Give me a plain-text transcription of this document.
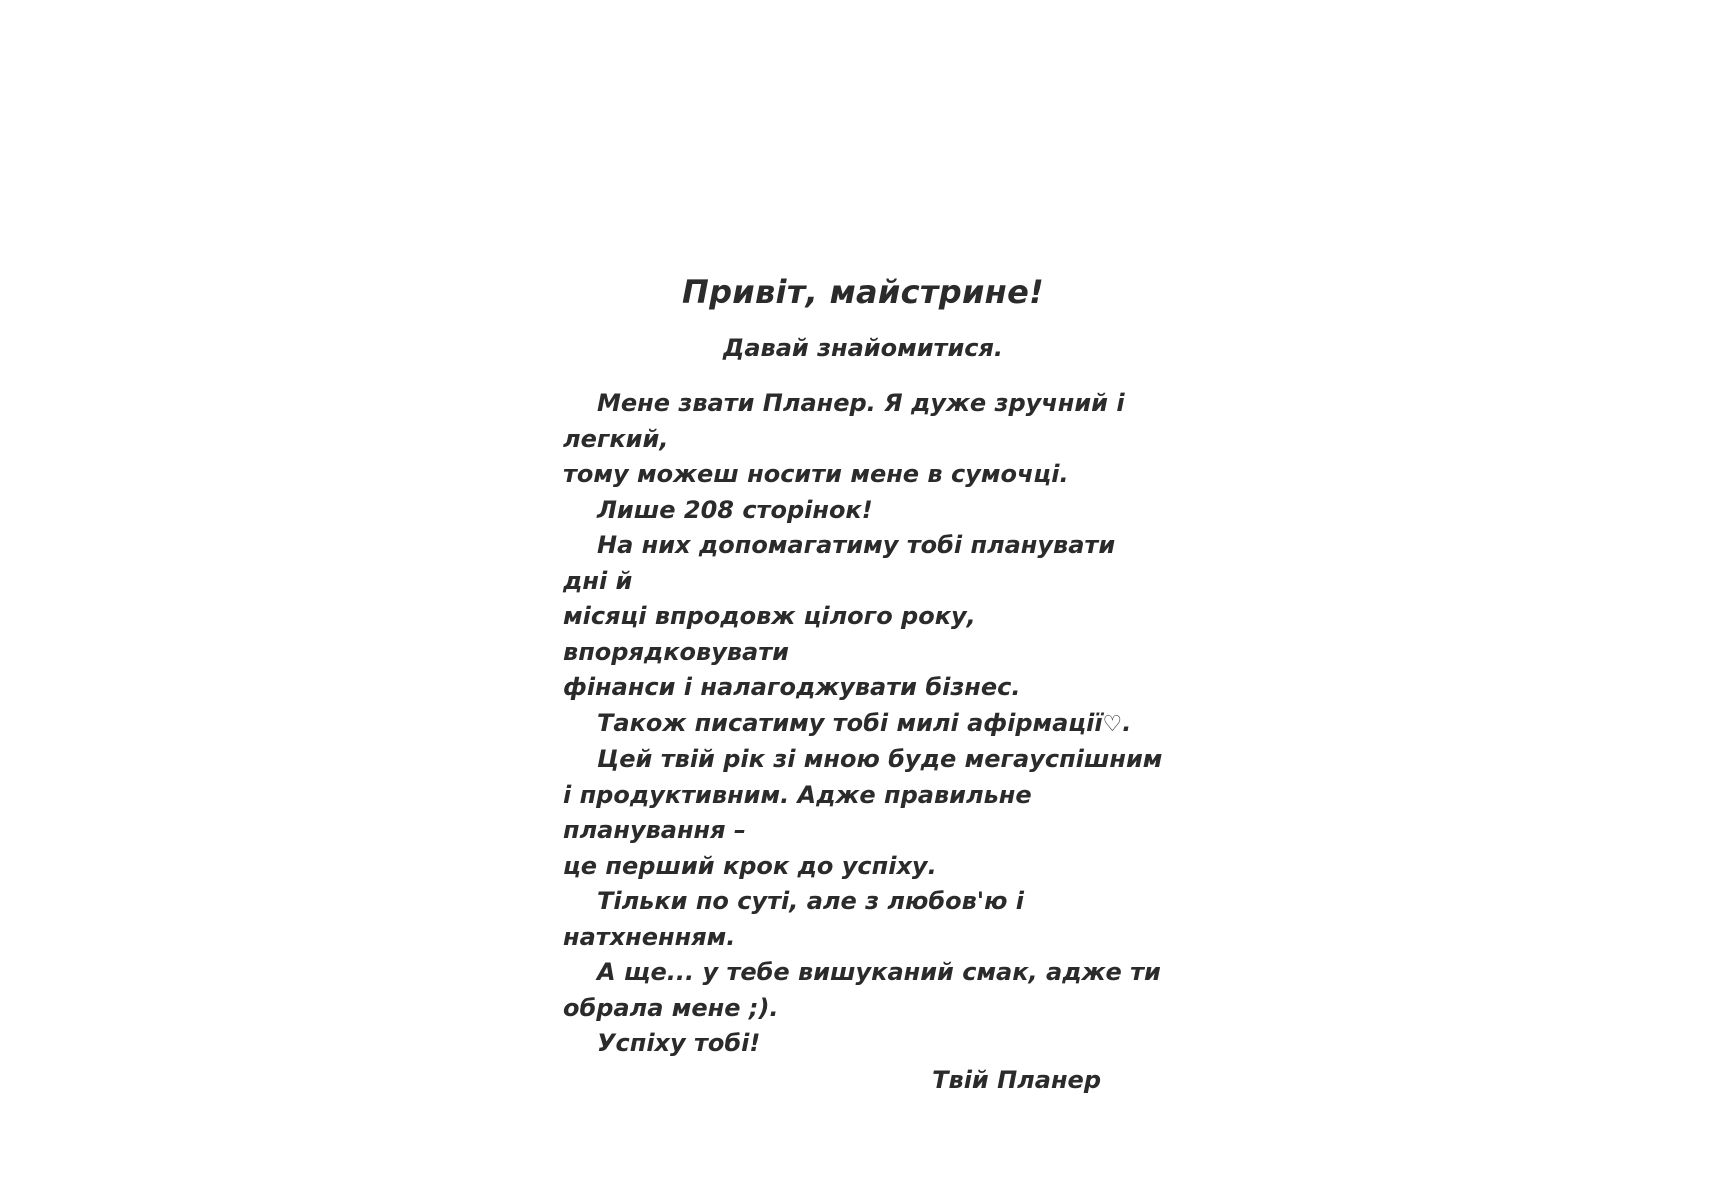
Привіт, майстрине!
Давай знайомитися.

Мене звати Планер. Я дуже зручний і легкий,
тому можеш носити мене в сумочці.

Лише 208 сторінок!

На них допомагатиму тобі планувати дні й
місяці впродовж цілого року, впорядковувати
фінанси і налагоджувати бізнес.

Також писатиму тобі милі афірмації♡.

Цей твій рік зі мною буде мегауспішним
і продуктивним. Адже правильне планування –
це перший крок до успіху.

Тільки по суті, але з любов'ю і натхненням.

А ще... у тебе вишуканий смак, адже ти
обрала мене ;).

Успіху тобі!

Твій Планер
